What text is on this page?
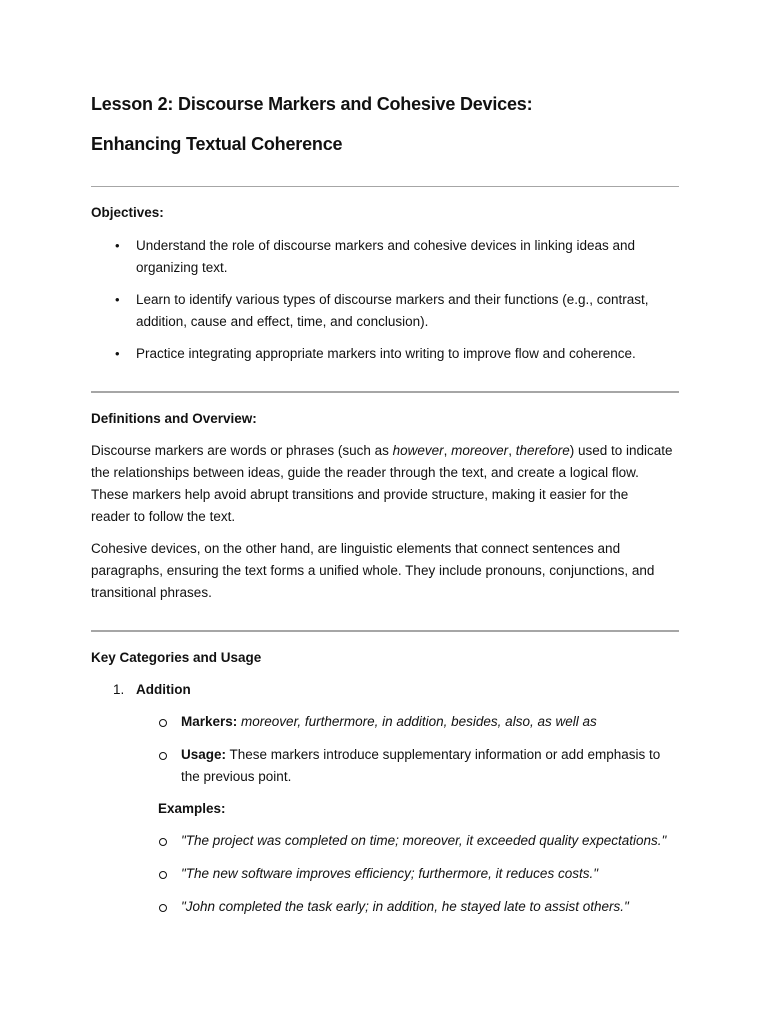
Lesson 2: Discourse Markers and Cohesive Devices:
Enhancing Textual Coherence
Objectives:
• Understand the role of discourse markers and cohesive devices in linking ideas and
organizing text.
• Learn to identify various types of discourse markers and their functions (e.g., contrast,
addition, cause and effect, time, and conclusion).
• Practice integrating appropriate markers into writing to improve flow and coherence.
Definitions and Overview:
Discourse markers are words or phrases (such as however, moreover, therefore) used to indicate
the relationships between ideas, guide the reader through the text, and create a logical flow.
These markers help avoid abrupt transitions and provide structure, making it easier for the
reader to follow the text.
Cohesive devices, on the other hand, are linguistic elements that connect sentences and
paragraphs, ensuring the text forms a unified whole. They include pronouns, conjunctions, and
transitional phrases.
Key Categories and Usage
1. Addition
Markers: moreover, furthermore, in addition, besides, also, as well as
Usage: These markers introduce supplementary information or add emphasis to
the previous point.
Examples:
"The project was completed on time; moreover, it exceeded quality expectations."
"The new software improves efficiency; furthermore, it reduces costs."
"John completed the task early; in addition, he stayed late to assist others."
